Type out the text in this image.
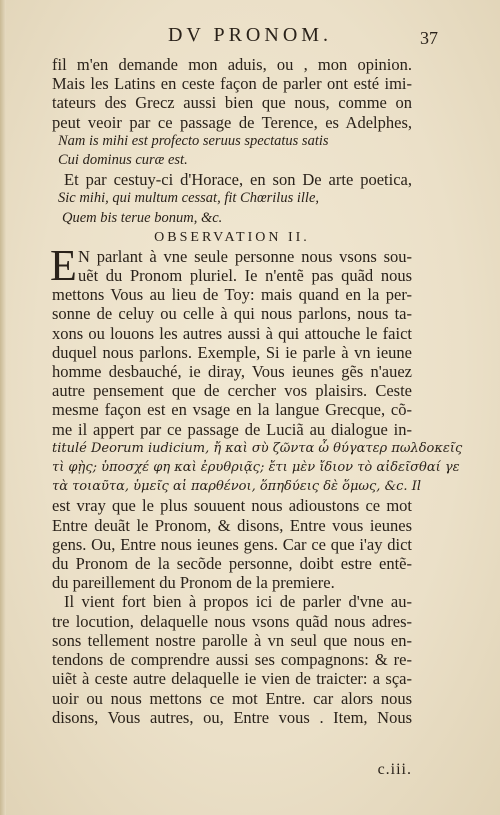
DV PRONOM.	37
fil m'en demande mon aduis, ou , mon opinion.
Mais les Latins en ceste façon de parler ont esté imi-
tateurs des Grecz aussi bien que nous, comme on
peut veoir par ce passage de Terence, es Adelphes,
Nam is mihi est profecto seruus spectatus satis
Cui dominus curæ est.
Et par cestuy-ci d'Horace, en son De arte poetica,
Sic mihi, qui multum cessat, fit Chœrilus ille,
Quem bis terue bonum, &c.
OBSERVATION II.
E N parlant à vne seule personne nous vsons sou-
uẽt du Pronom pluriel. Ie n'entẽ pas quãd nous
mettons Vous au lieu de Toy: mais quand en la per-
sonne de celuy ou celle à qui nous parlons, nous ta-
xons ou louons les autres aussi à qui attouche le faict
duquel nous parlons. Exemple, Si ie parle à vn ieune
homme desbauché, ie diray, Vous ieunes gẽs n'auez
autre pensement que de cercher vos plaisirs. Ceste
mesme façon est en vsage en la langue Grecque, cõ-
me il appert par ce passage de Luciã au dialogue in-
titulé Deorum iudicium, ἤ καὶ σὺ ζῶντα ὦ θύγατερ πωλδοκεῖς
τὶ φῂς; ὑποσχέ φη καὶ ἐρυθριᾷς; ἔτι μὲν ἴδιον τὸ αἰδεῖσθαί γε
τὰ τοιαῦτα, ὑμεῖς αἱ παρθένοι, ὅπηδύεις δὲ ὅμως, &c. Il
est vray que le plus souuent nous adioustons ce mot
Entre deuãt le Pronom, & disons, Entre vous ieunes
gens. Ou, Entre nous ieunes gens. Car ce que i'ay dict
du Pronom de la secõde personne, doibt estre entẽ-
du pareillement du Pronom de la premiere.
Il vient fort bien à propos ici de parler d'vne au-
tre locution, delaquelle nous vsons quãd nous adres-
sons tellement nostre parolle à vn seul que nous en-
tendons de comprendre aussi ses compagnons: & re-
uiẽt à ceste autre delaquelle ie vien de traicter: a sça-
uoir ou nous mettons ce mot Entre. car alors nous
disons, Vous autres, ou, Entre vous . Item, Nous
c.iii.
